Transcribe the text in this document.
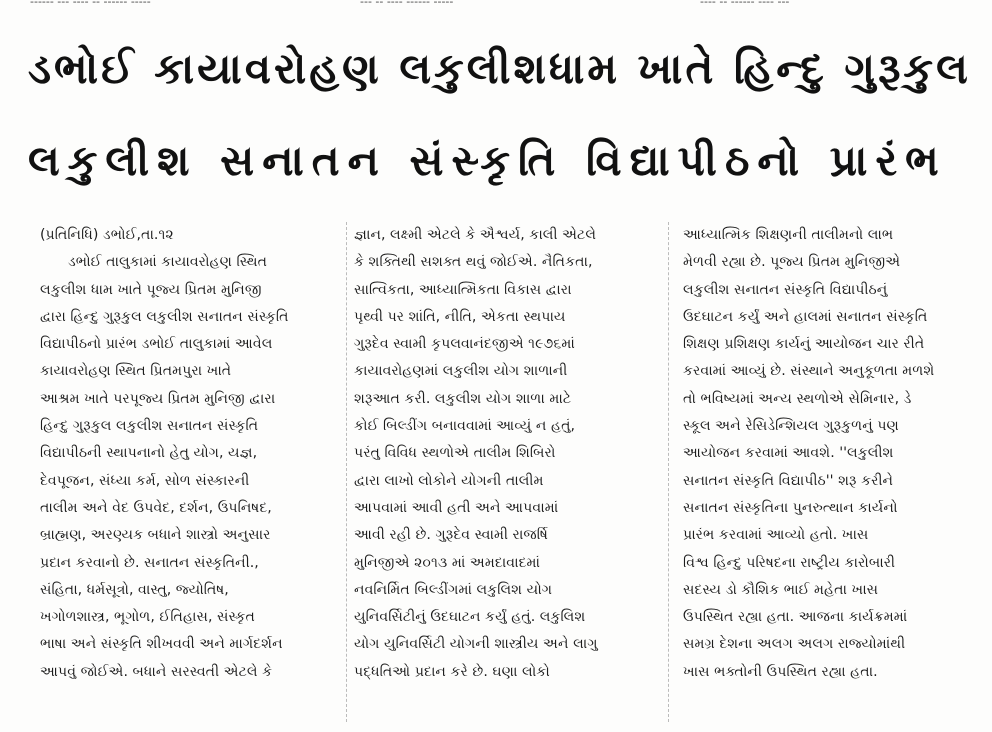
------ --- ---- -- ------ -----	--- -- ---- ------ -----	---- -- ------ ---- ---
ડભોઈ કાયાવરોહણ લકુલીશધામ ખાતે હિન્દુ ગુરૂકુલ
લકુલીશ સનાતન સંસ્કૃતિ વિદ્યાપીઠનો પ્રારંભ
(પ્રતિનિધિ) ડભોઈ,તા.૧૨
ડભોઈ તાલુકામાં કાયાવરોહણ સ્થિત
લકુલીશ ધામ ખાતે પૂજ્ય પ્રિતમ મુનિજી
દ્વારા હિન્દુ ગુરૂકુલ લકુલીશ સનાતન સંસ્કૃતિ
વિદ્યાપીઠનો પ્રારંભ ડભોઈ તાલુકામાં આવેલ
કાયાવરોહણ સ્થિત પ્રિતમપુરા ખાતે
આશ્રમ ખાતે પરપૂજ્ય પ્રિતમ મુનિજી દ્વારા
હિન્દુ ગુરૂકુલ લકુલીશ સનાતન સંસ્કૃતિ
વિદ્યાપીઠની સ્થાપનાનો હેતુ યોગ, યજ્ઞ,
દેવપૂજન, સંધ્યા કર્મ, સોળ સંસ્કારની
તાલીમ અને વેદ ઉપવેદ, દર્શન, ઉપનિષદ,
બ્રાહ્મણ, અરણ્યક બધાને શાસ્ત્રો અનુસાર
પ્રદાન કરવાનો છે. સનાતન સંસ્કૃતિની.,
સંહિતા, ધર્મસૂત્રો, વાસ્તુ, જ્યોતિષ,
ખગોળશાસ્ત્ર, ભૂગોળ, ઈતિહાસ, સંસ્કૃત
ભાષા અને સંસ્કૃતિ શીખવવી અને માર્ગદર્શન
આપવું જોઈએ. બધાને સરસ્વતી એટલે કે
જ્ઞાન, લક્ષ્મી એટલે કે ઐશ્વર્ય, કાલી એટલે
કે શક્તિથી સશક્ત થવું જોઈએ. નૈતિકતા,
સાત્વિકતા, આધ્યાત્મિકતા વિકાસ દ્વારા
પૃથ્વી પર શાંતિ, નીતિ, એકતા સ્થપાય
ગુરૂદેવ સ્વામી કૃપલવાનંદજીએ ૧૯૭૬માં
કાયાવરોહણમાં લકુલીશ યોગ શાળાની
શરૂઆત કરી. લકુલીશ યોગ શાળા માટે
કોઈ બિલ્ડીંગ બનાવવામાં આવ્યું ન હતું,
પરંતુ વિવિધ સ્થળોએ તાલીમ શિબિરો
દ્વારા લાખો લોકોને યોગની તાલીમ
આપવામાં આવી હતી અને આપવામાં
આવી રહી છે. ગુરૂદેવ સ્વામી રાજર્ષિ
મુનિજીએ ૨૦૧૩ માં અમદાવાદમાં
નવનિર્મિત બિલ્ડીંગમાં લકુલિશ યોગ
યુનિવર્સિટીનું ઉદઘાટન કર્યું હતું. લકુલિશ
યોગ યુનિવર્સિટી યોગની શાસ્ત્રીય અને લાગુ
પદ્ધતિઓ પ્રદાન કરે છે. ઘણા લોકો
આધ્યાત્મિક શિક્ષણની તાલીમનો લાભ
મેળવી રહ્યા છે. પૂજ્ય પ્રિતમ મુનિજીએ
લકુલીશ સનાતન સંસ્કૃતિ વિદ્યાપીઠનું
ઉદઘાટન કર્યું અને હાલમાં સનાતન સંસ્કૃતિ
શિક્ષણ પ્રશિક્ષણ કાર્યનું આયોજન ચાર રીતે
કરવામાં આવ્યું છે. સંસ્થાને અનુકૂળતા મળશે
તો ભવિષ્યમાં અન્ય સ્થળોએ સેમિનાર, ડે
સ્કૂલ અને રેસિડેન્શિયલ ગુરૂકુળનું પણ
આયોજન કરવામાં આવશે. ''લકુલીશ
સનાતન સંસ્કૃતિ વિદ્યાપીઠ'' શરૂ કરીને
સનાતન સંસ્કૃતિના પુનરુત્થાન કાર્યનો
પ્રારંભ કરવામાં આવ્યો હતો. ખાસ
વિશ્વ હિન્દુ પરિષદના રાષ્ટ્રીય કારોબારી
સદસ્ય ડો કૌશિક ભાઈ મહેતા ખાસ
ઉપસ્થિત રહ્યા હતા. આજના કાર્યક્રમમાં
સમગ્ર દેશના અલગ અલગ રાજ્યોમાંથી
ખાસ ભક્તોની ઉપસ્થિત રહ્યા હતા.
